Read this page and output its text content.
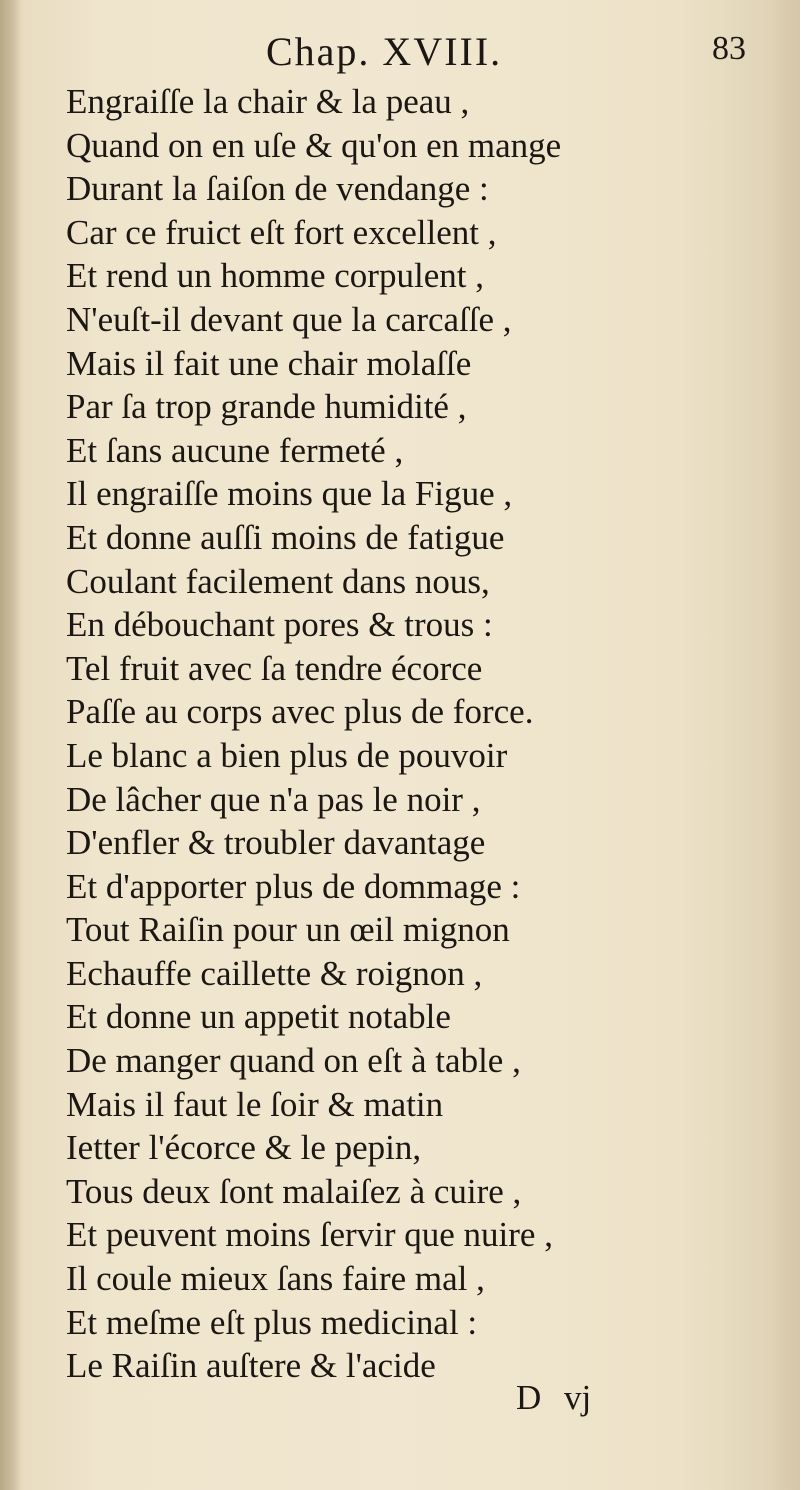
Chap. XVIII.	83
Engraiſſe la chair & la peau ,
Quand on en uſe & qu'on en mange
Durant la ſaiſon de vendange :
Car ce fruict eſt fort excellent ,
Et rend un homme corpulent ,
N'euſt-il devant que la carcaſſe ,
Mais il fait une chair molaſſe
Par ſa trop grande humidité ,
Et ſans aucune fermeté ,
Il engraiſſe moins que la Figue ,
Et donne auſſi moins de fatigue
Coulant facilement dans nous,
En débouchant pores & trous :
Tel fruit avec ſa tendre écorce
Paſſe au corps avec plus de force.
Le blanc a bien plus de pouvoir
De lâcher que n'a pas le noir ,
D'enfler & troubler davantage
Et d'apporter plus de dommage :
Tout Raiſin pour un œil mignon
Echauffe caillette & roignon ,
Et donne un appetit notable
De manger quand on eſt à table ,
Mais il faut le ſoir & matin
Ietter l'écorce & le pepin,
Tous deux ſont malaiſez à cuire ,
Et peuvent moins ſervir que nuire ,
Il coule mieux ſans faire mal ,
Et meſme eſt plus medicinal :
Le Raiſin auſtere & l'acide
D vj
